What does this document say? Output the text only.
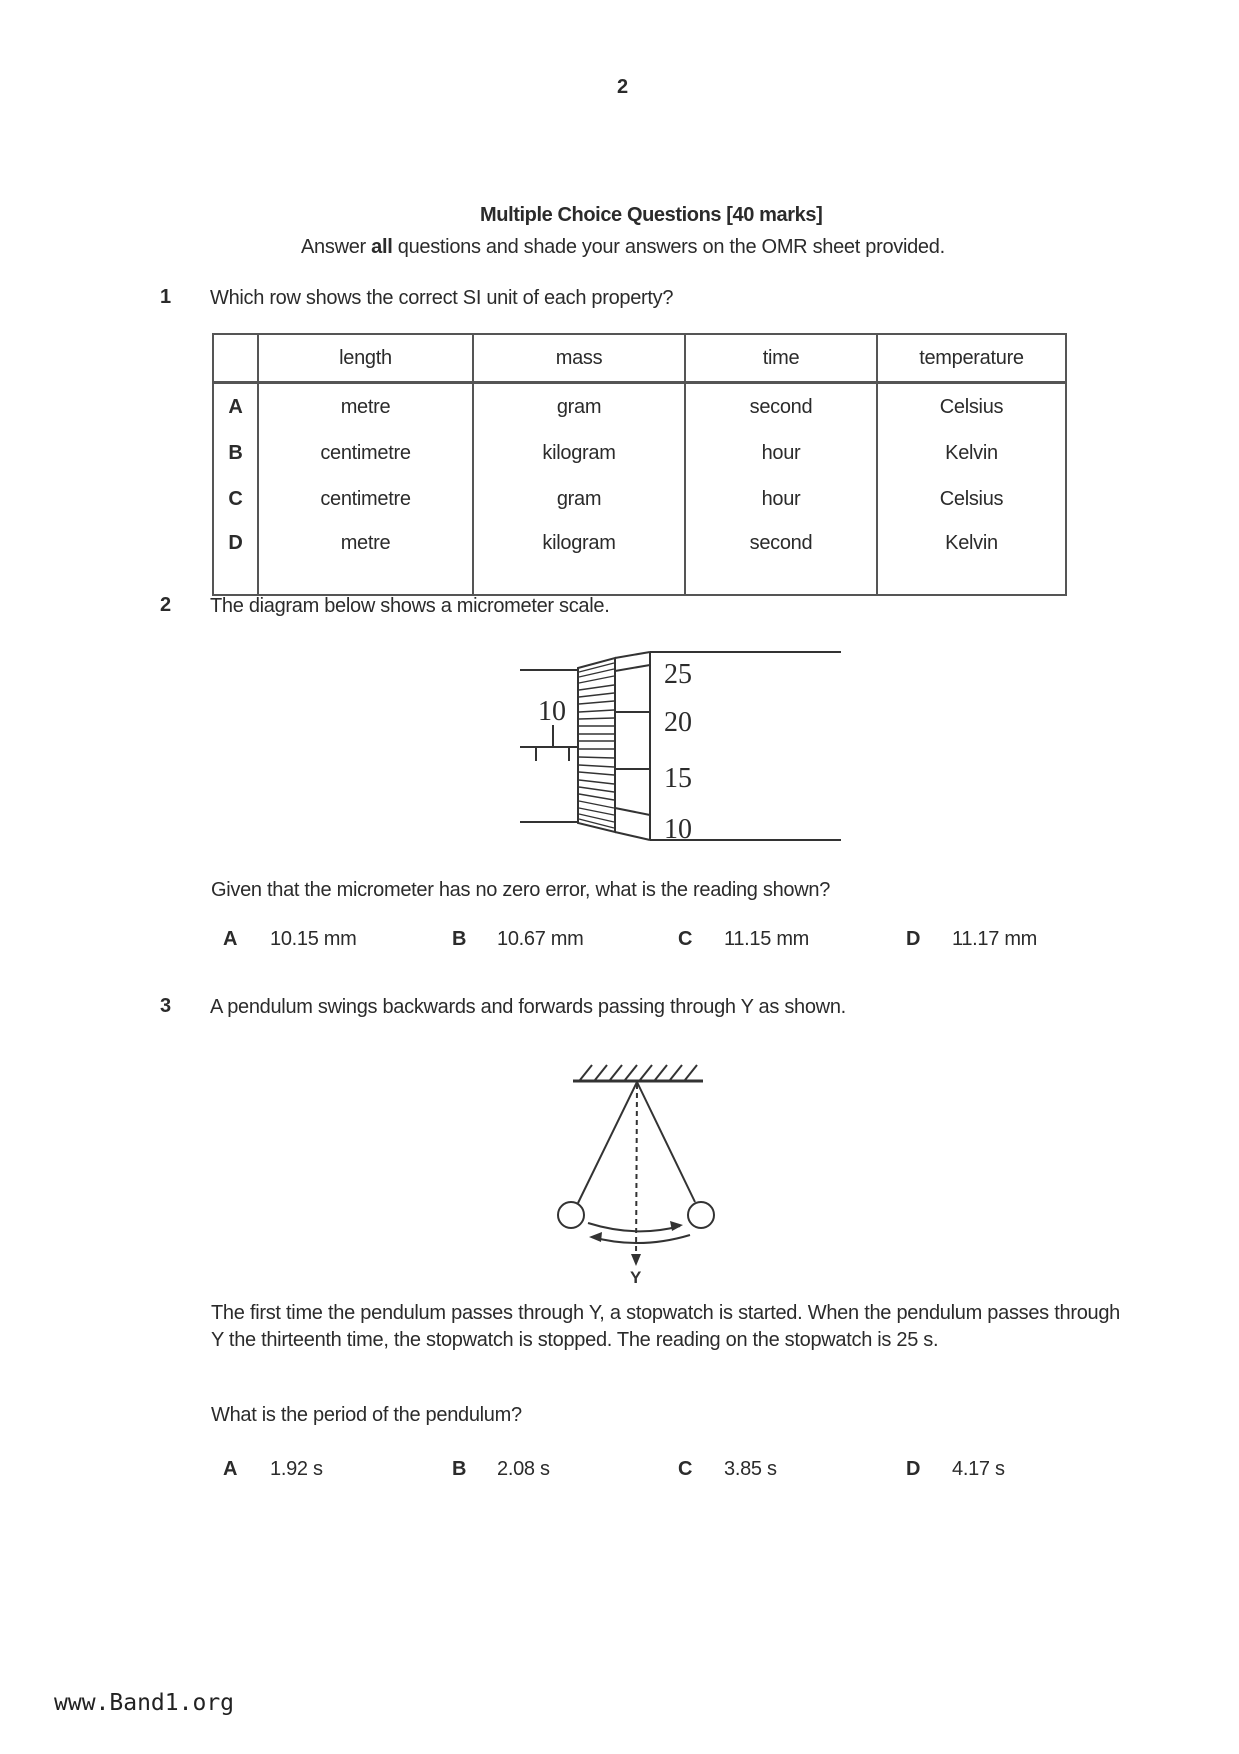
2
Multiple Choice Questions [40 marks]
Answer all questions and shade your answers on the OMR sheet provided.
1 Which row shows the correct SI unit of each property?
	length	mass	time	temperature
A	metre	gram	second	Celsius
B	centimetre	kilogram	hour	Kelvin
C	centimetre	gram	hour	Celsius
D	metre	kilogram	second	Kelvin
2 The diagram below shows a micrometer scale.
10
25
20
15
10
Given that the micrometer has no zero error, what is the reading shown?
A 10.15 mm	B 10.67 mm	C 11.15 mm	D 11.17 mm
3 A pendulum swings backwards and forwards passing through Y as shown.
Y
The first time the pendulum passes through Y, a stopwatch is started. When the pendulum passes through Y the thirteenth time, the stopwatch is stopped. The reading on the stopwatch is 25 s.
What is the period of the pendulum?
A 1.92 s	B 2.08 s	C 3.85 s	D 4.17 s
www.Band1.org
